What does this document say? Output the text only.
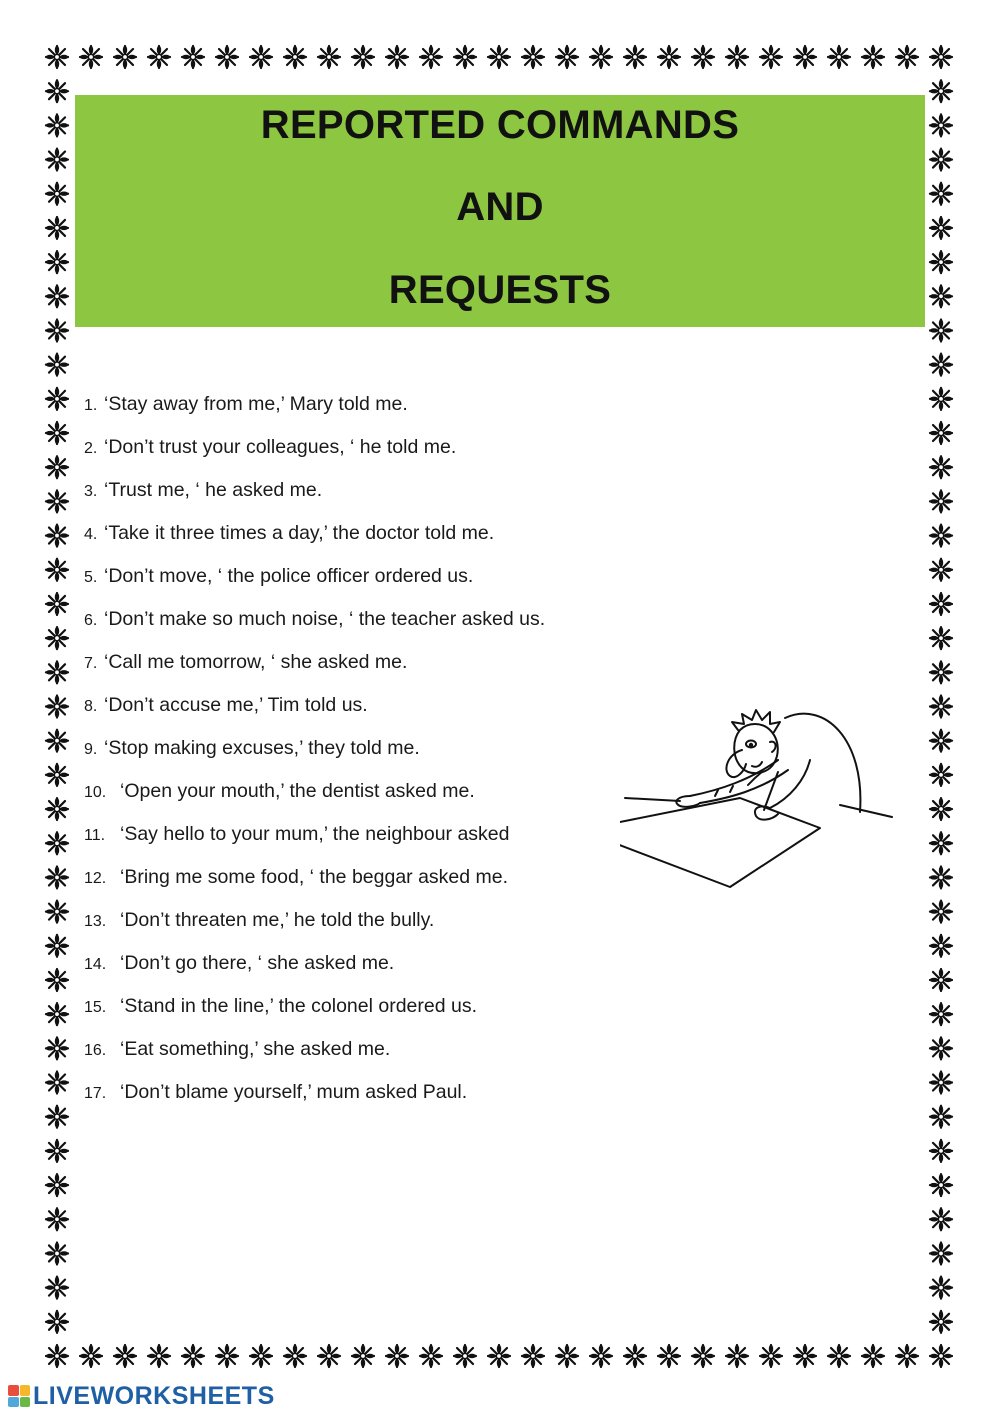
REPORTED COMMANDS
AND
REQUESTS
1. ‘Stay away from me,’ Mary told me.
2. ‘Don’t trust your colleagues, ‘ he told me.
3. ‘Trust me, ‘ he asked me.
4. ‘Take it three times a day,’ the doctor told me.
5. ‘Don’t move, ‘ the police officer ordered us.
6. ‘Don’t make so much noise, ‘ the teacher asked us.
7. ‘Call me tomorrow, ‘ she asked me.
8. ‘Don’t accuse me,’ Tim told us.
9. ‘Stop making excuses,’ they told me.
10. ‘Open your mouth,’ the dentist asked me.
11. ‘Say hello to your mum,’ the neighbour asked
12. ‘Bring me some food, ‘ the beggar asked me.
13. ‘Don’t threaten me,’ he told the bully.
14. ‘Don’t go there, ‘ she asked me.
15. ‘Stand in the line,’ the colonel ordered us.
16. ‘Eat something,’ she asked me.
17. ‘Don’t blame yourself,’ mum asked Paul.
LIVEWORKSHEETS
